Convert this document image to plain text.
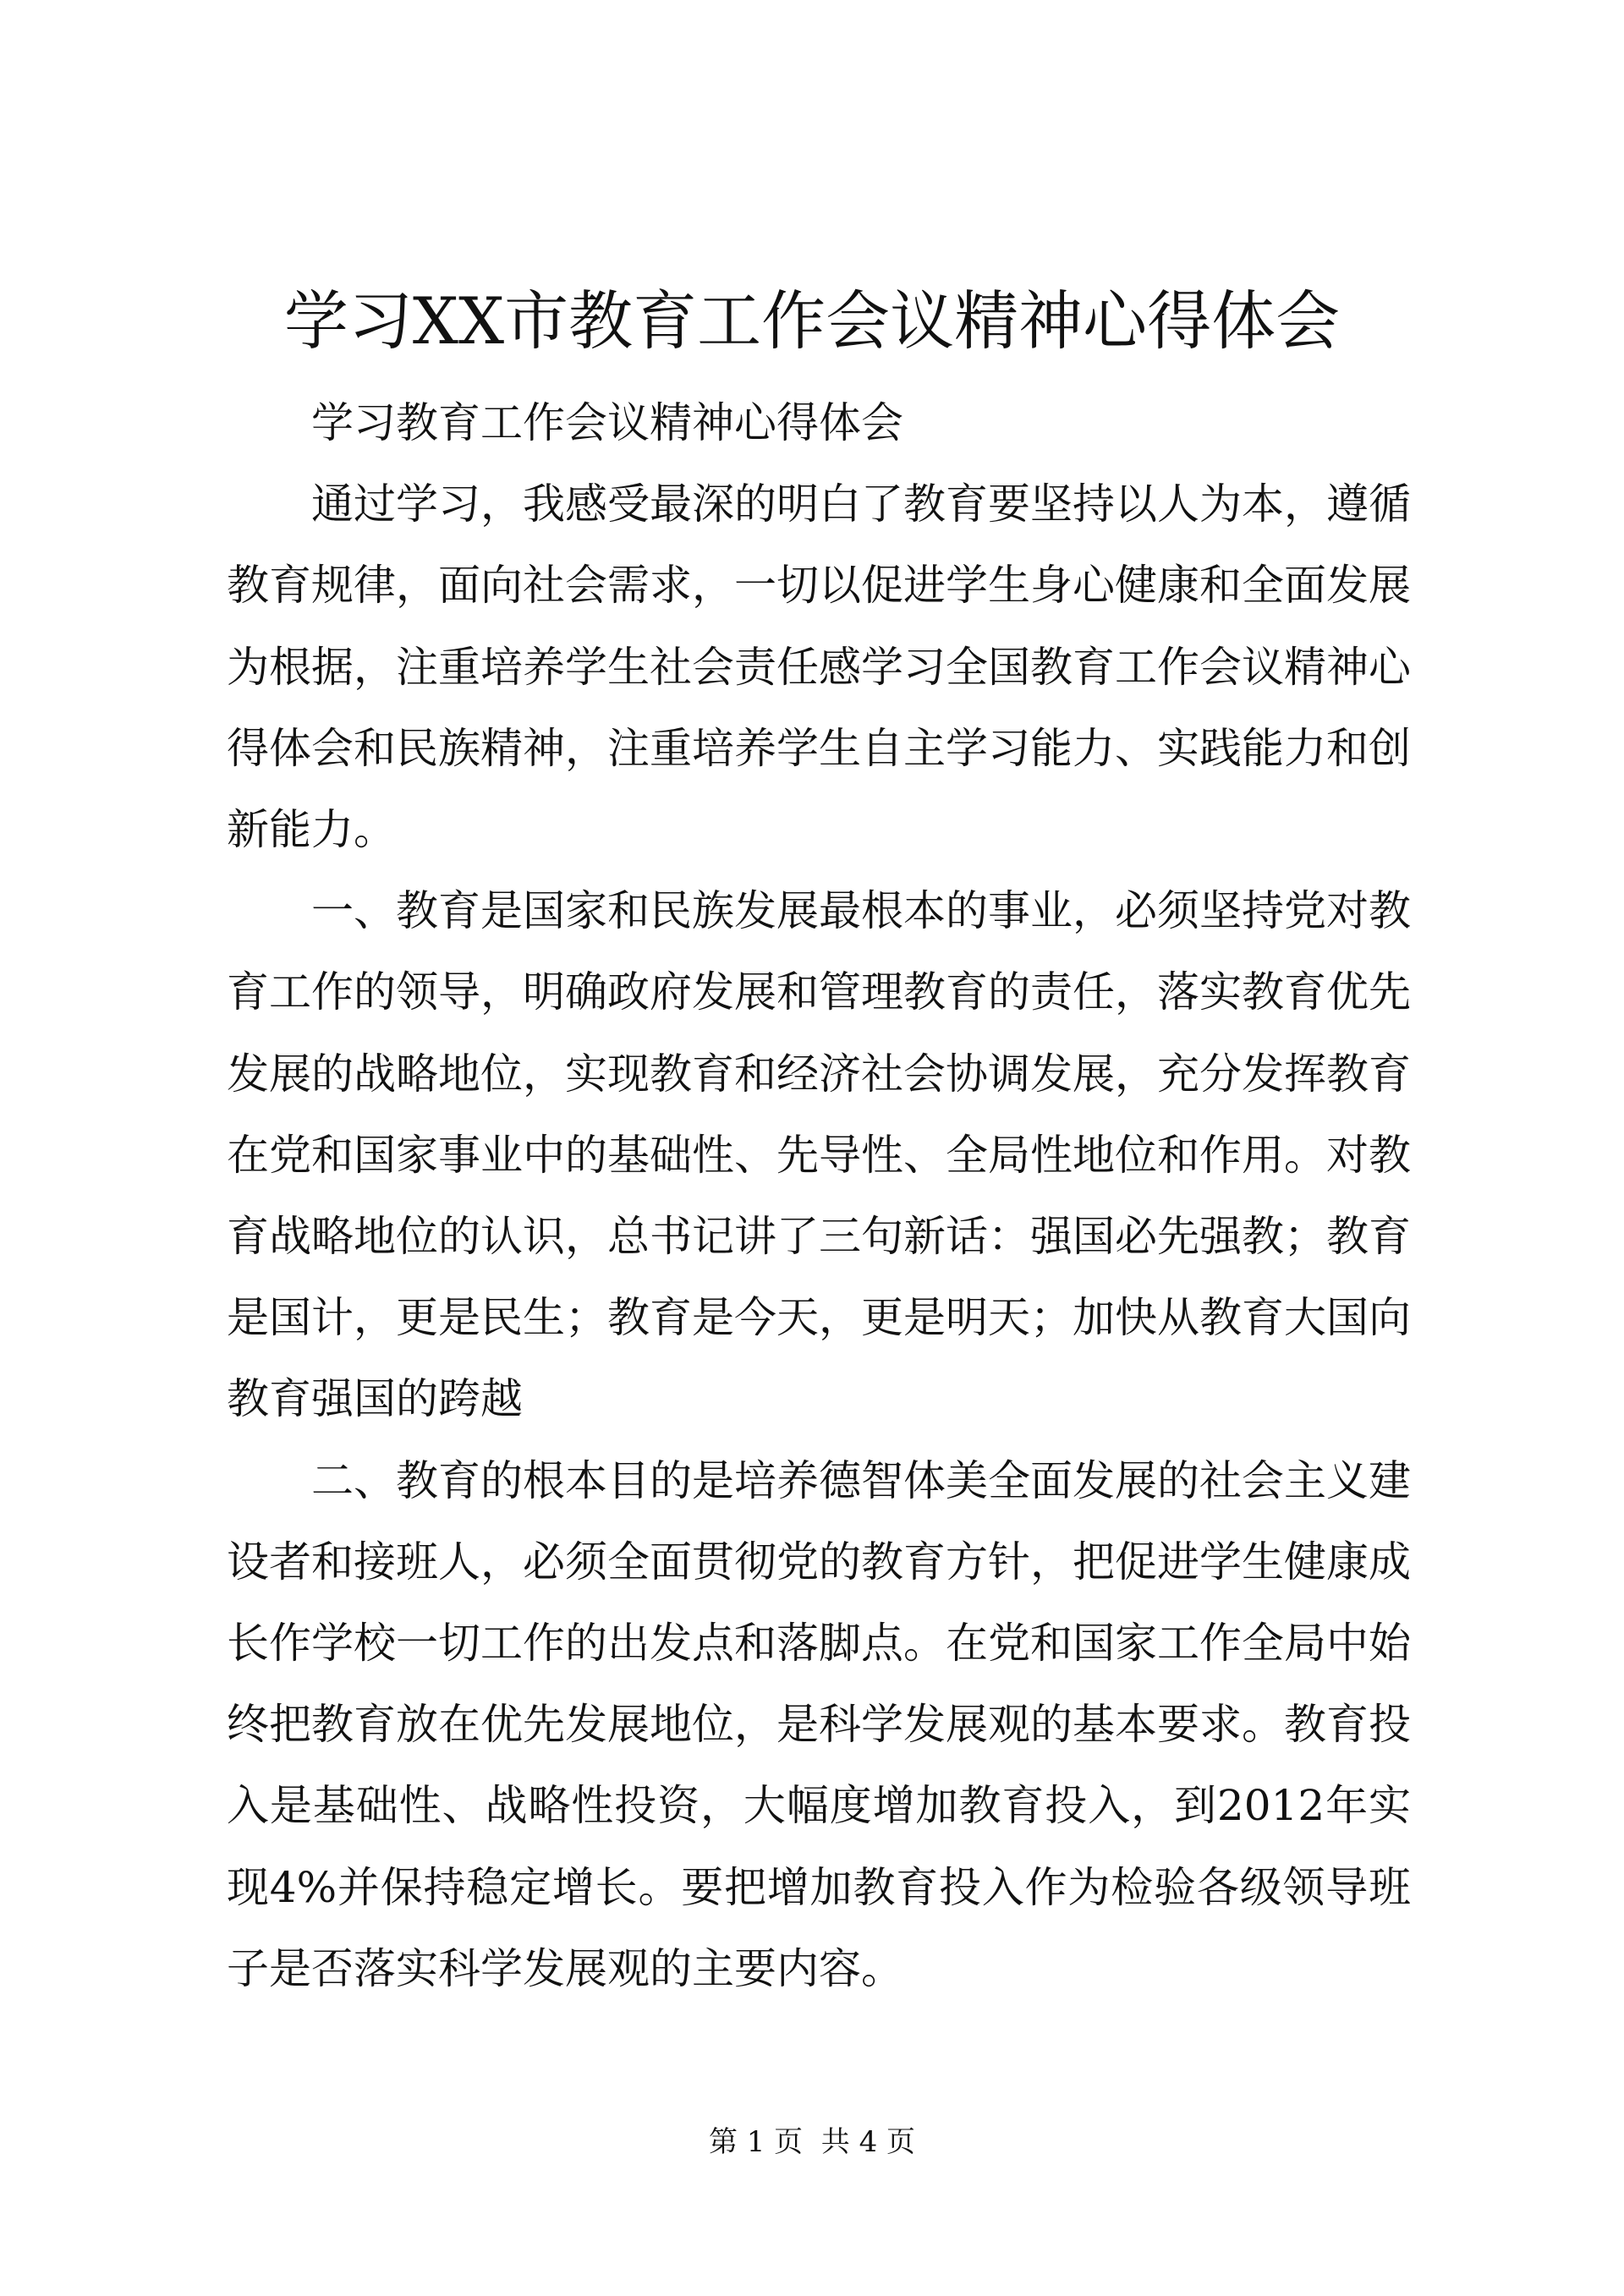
学习XX市教育工作会议精神心得体会

学习教育工作会议精神心得体会

通过学习，我感受最深的明白了教育要坚持以人为本，遵循教育规律，面向社会需求，一切以促进学生身心健康和全面发展为根据，注重培养学生社会责任感学习全国教育工作会议精神心得体会和民族精神，注重培养学生自主学习能力、实践能力和创新能力。

一、教育是国家和民族发展最根本的事业，必须坚持党对教育工作的领导，明确政府发展和管理教育的责任，落实教育优先发展的战略地位，实现教育和经济社会协调发展，充分发挥教育在党和国家事业中的基础性、先导性、全局性地位和作用。对教育战略地位的认识，总书记讲了三句新话：强国必先强教；教育是国计，更是民生；教育是今天，更是明天；加快从教育大国向教育强国的跨越

二、教育的根本目的是培养德智体美全面发展的社会主义建设者和接班人，必须全面贯彻党的教育方针，把促进学生健康成长作学校一切工作的出发点和落脚点。在党和国家工作全局中始终把教育放在优先发展地位，是科学发展观的基本要求。教育投入是基础性、战略性投资，大幅度增加教育投入，到2012年实现4%并保持稳定增长。要把增加教育投入作为检验各级领导班子是否落实科学发展观的主要内容。

第 1 页  共 4 页
